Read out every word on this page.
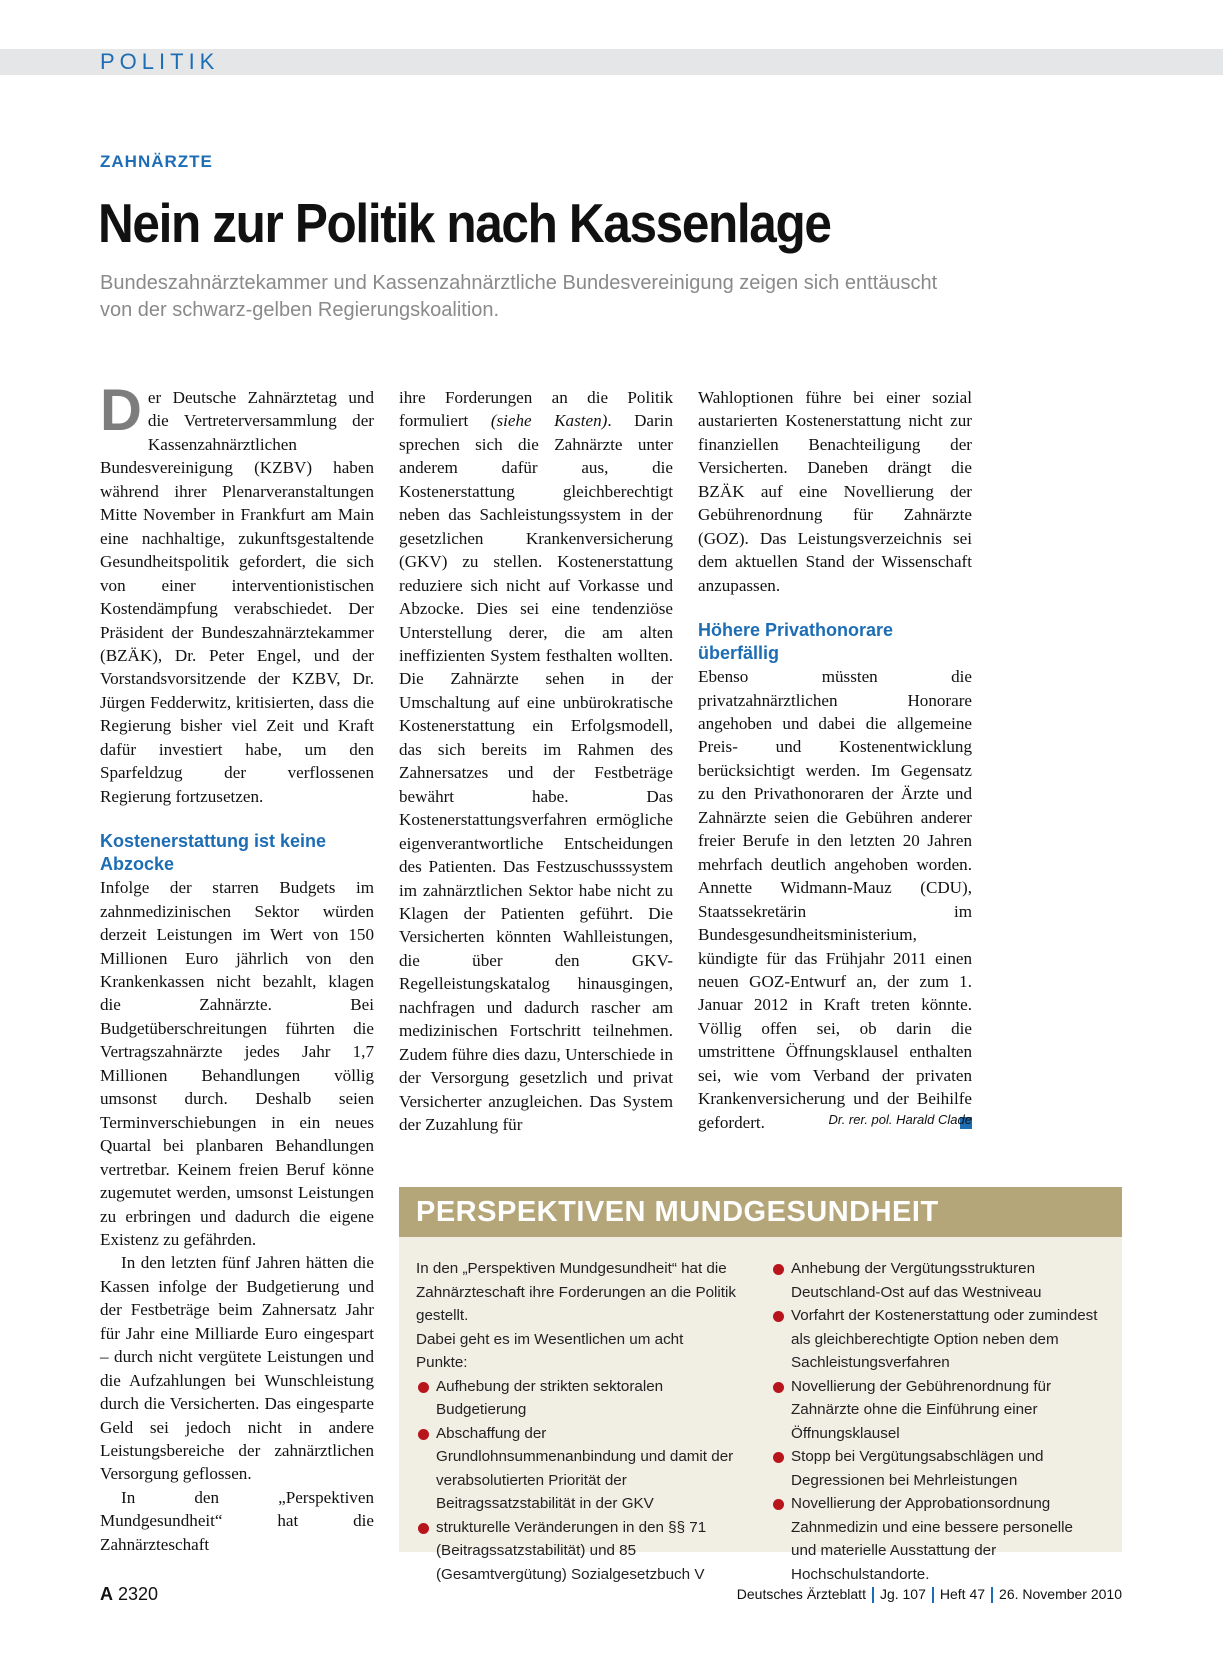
POLITIK
ZAHNÄRZTE
Nein zur Politik nach Kassenlage
Bundeszahnärztekammer und Kassenzahnärztliche Bundesvereinigung zeigen sich enttäuscht von der schwarz-gelben Regierungskoalition.

Der Deutsche Zahnärztetag und die Vertreterversammlung der Kassenzahnärztlichen Bundesvereinigung (KZBV) haben während ihrer Plenarveranstaltungen Mitte November in Frankfurt am Main eine nachhaltige, zukunftsgestaltende Gesundheitspolitik gefordert, die sich von einer interventionistischen Kostendämpfung verabschiedet. Der Präsident der Bundeszahnärztekammer (BZÄK), Dr. Peter Engel, und der Vorstandsvorsitzende der KZBV, Dr. Jürgen Fedderwitz, kritisierten, dass die Regierung bisher viel Zeit und Kraft dafür investiert habe, um den Sparfeldzug der verflossenen Regierung fortzusetzen.

Kostenerstattung ist keine Abzocke

Infolge der starren Budgets im zahnmedizinischen Sektor würden derzeit Leistungen im Wert von 150 Millionen Euro jährlich von den Krankenkassen nicht bezahlt, klagen die Zahnärzte. Bei Budgetüberschreitungen führten die Vertragszahnärzte jedes Jahr 1,7 Millionen Behandlungen völlig umsonst durch. Deshalb seien Terminverschiebungen in ein neues Quartal bei planbaren Behandlungen vertretbar. Keinem freien Beruf könne zugemutet werden, umsonst Leistungen zu erbringen und dadurch die eigene Existenz zu gefährden.

In den letzten fünf Jahren hätten die Kassen infolge der Budgetierung und der Festbeträge beim Zahnersatz Jahr für Jahr eine Milliarde Euro eingespart – durch nicht vergütete Leistungen und die Aufzahlungen bei Wunschleistung durch die Versicherten. Das eingesparte Geld sei jedoch nicht in andere Leistungsbereiche der zahnärztlichen Versorgung geflossen.

In den „Perspektiven Mundgesundheit“ hat die Zahnärzteschaft

ihre Forderungen an die Politik formuliert (siehe Kasten). Darin sprechen sich die Zahnärzte unter anderem dafür aus, die Kostenerstattung gleichberechtigt neben das Sachleistungssystem in der gesetzlichen Krankenversicherung (GKV) zu stellen. Kostenerstattung reduziere sich nicht auf Vorkasse und Abzocke. Dies sei eine tendenziöse Unterstellung derer, die am alten ineffizienten System festhalten wollten. Die Zahnärzte sehen in der Umschaltung auf eine unbürokratische Kostenerstattung ein Erfolgsmodell, das sich bereits im Rahmen des Zahnersatzes und der Festbeträge bewährt habe. Das Kostenerstattungsverfahren ermögliche eigenverantwortliche Entscheidungen des Patienten. Das Festzuschusssystem im zahnärztlichen Sektor habe nicht zu Klagen der Patienten geführt. Die Versicherten könnten Wahlleistungen, die über den GKV-Regelleistungskatalog hinausgingen, nachfragen und dadurch rascher am medizinischen Fortschritt teilnehmen. Zudem führe dies dazu, Unterschiede in der Versorgung gesetzlich und privat Versicherter anzugleichen. Das System der Zuzahlung für

Wahloptionen führe bei einer sozial austarierten Kostenerstattung nicht zur finanziellen Benachteiligung der Versicherten. Daneben drängt die BZÄK auf eine Novellierung der Gebührenordnung für Zahnärzte (GOZ). Das Leistungsverzeichnis sei dem aktuellen Stand der Wissenschaft anzupassen.

Höhere Privathonorare überfällig

Ebenso müssten die privatzahnärztlichen Honorare angehoben und dabei die allgemeine Preis- und Kostenentwicklung berücksichtigt werden. Im Gegensatz zu den Privathonoraren der Ärzte und Zahnärzte seien die Gebühren anderer freier Berufe in den letzten 20 Jahren mehrfach deutlich angehoben worden. Annette Widmann-Mauz (CDU), Staatssekretärin im Bundesgesundheitsministerium, kündigte für das Frühjahr 2011 einen neuen GOZ-Entwurf an, der zum 1. Januar 2012 in Kraft treten könnte. Völlig offen sei, ob darin die umstrittene Öffnungsklausel enthalten sei, wie vom Verband der privaten Krankenversicherung und der Beihilfe gefordert.	Dr. rer. pol. Harald Clade
PERSPEKTIVEN MUNDGESUNDHEIT

In den „Perspektiven Mundgesundheit“ hat die Zahnärzteschaft ihre Forderungen an die Politik gestellt.

Dabei geht es im Wesentlichen um acht Punkte:

Aufhebung der strikten sektoralen Budgetierung
Abschaffung der Grundlohnsummenanbindung und damit der verabsolutierten Priorität der Beitragssatzstabilität in der GKV
strukturelle Veränderungen in den §§ 71 (Beitragssatzstabilität) und 85 (Gesamtvergütung) Sozialgesetzbuch V
Anhebung der Vergütungsstrukturen Deutschland-Ost auf das Westniveau
Vorfahrt der Kostenerstattung oder zumindest als gleichberechtigte Option neben dem Sachleistungsverfahren
Novellierung der Gebührenordnung für Zahnärzte ohne die Einführung einer Öffnungsklausel
Stopp bei Vergütungsabschlägen und Degressionen bei Mehrleistungen
Novellierung der Approbationsordnung Zahnmedizin und eine bessere personelle und materielle Ausstattung der Hochschulstandorte.
A 2320	Deutsches Ärzteblatt Jg. 107 Heft 47 26. November 2010
